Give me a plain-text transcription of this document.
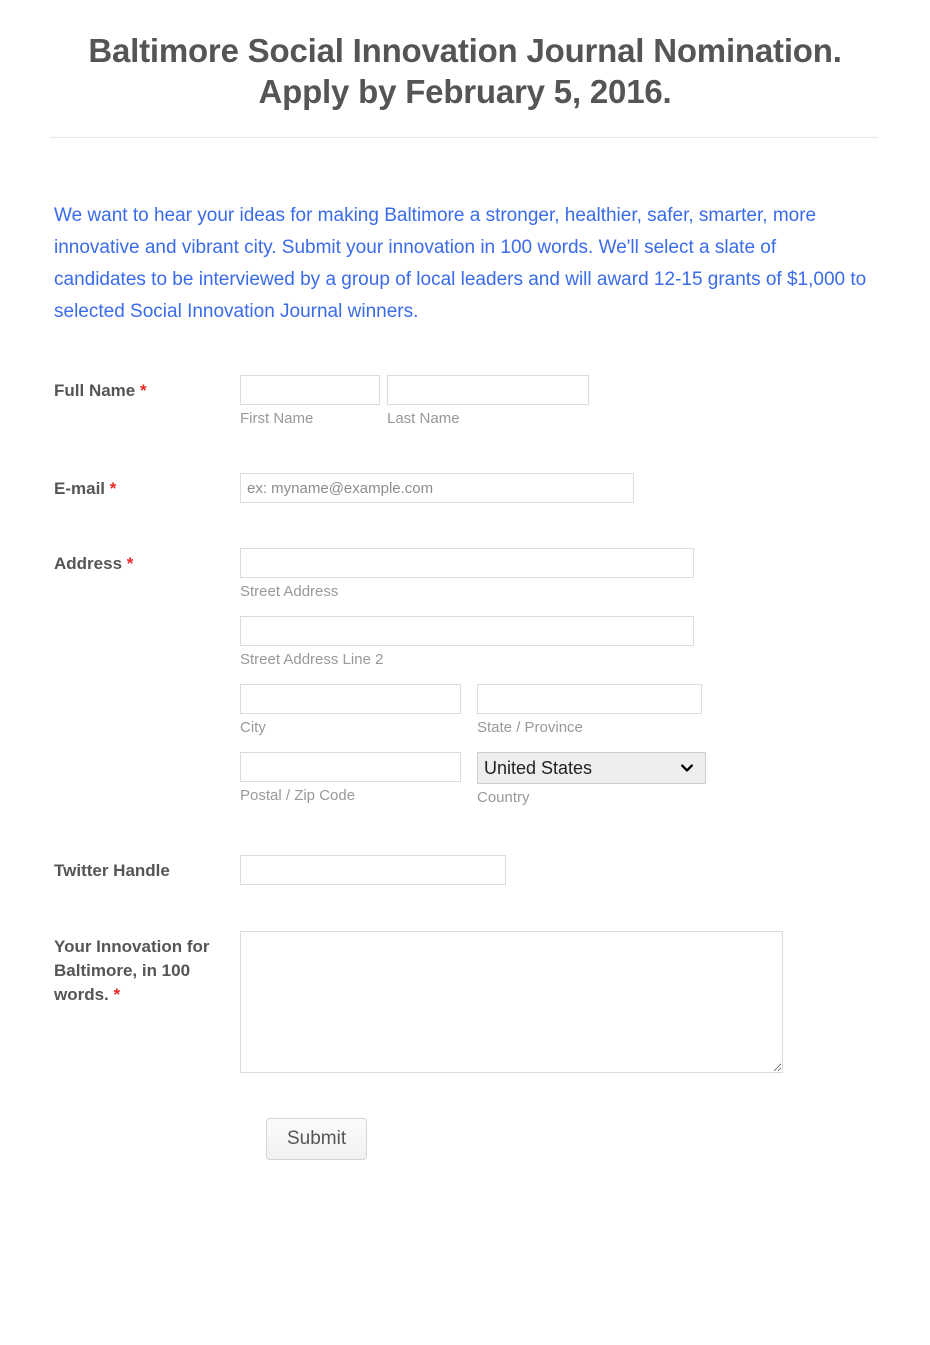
Baltimore Social Innovation Journal Nomination. Apply by February 5, 2016.

We want to hear your ideas for making Baltimore a stronger, healthier, safer, smarter, more innovative and vibrant city. Submit your innovation in 100 words. We'll select a slate of candidates to be interviewed by a group of local leaders and will award 12-15 grants of $1,000 to selected Social Innovation Journal winners.

Full Name *
First Name	Last Name
E-mail *
ex: myname@example.com
Address *
Street Address
Street Address Line 2
City	State / Province
Postal / Zip Code
United States	Country
Twitter Handle
Your Innovation for Baltimore, in 100 words. *
Submit
